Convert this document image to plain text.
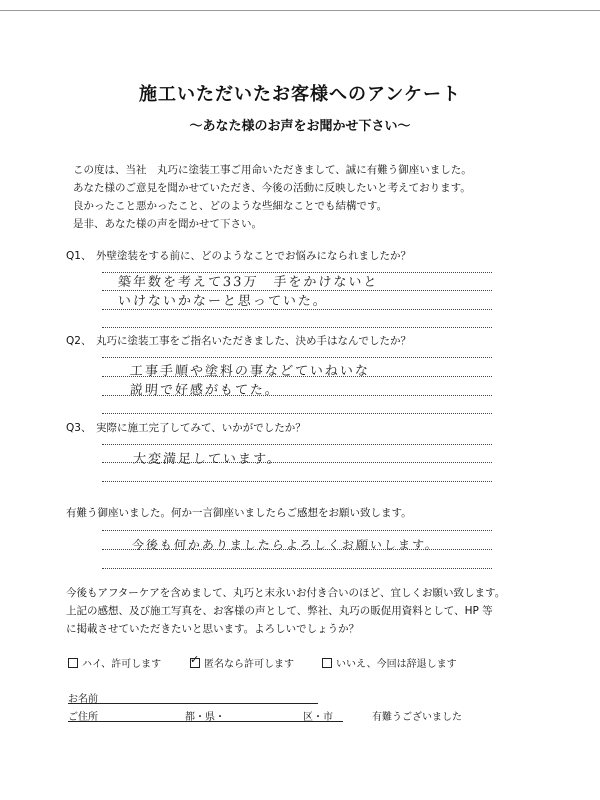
施工いただいたお客様へのアンケート
～あなた様のお声をお聞かせ下さい～
この度は、当社　丸巧に塗装工事ご用命いただきまして、誠に有難う御座いました。
あなた様のご意見を聞かせていただき、今後の活動に反映したいと考えております。
良かったこと悪かったこと、どのような些細なことでも結構です。
是非、あなた様の声を聞かせて下さい。
Q1、 外壁塗装をする前に、どのようなことでお悩みになられましたか？
築年数を考えて33万　手をかけないと
いけないかなーと思っていた。
Q2、 丸巧に塗装工事をご指名いただきました、決め手はなんでしたか？
工事手順や塗料の事などていねいな
説明で好感がもてた。
Q3、 実際に施工完了してみて、いかがでしたか？
大変満足しています。
有難う御座いました。何か一言御座いましたらご感想をお願い致します。
今後も何かありましたらよろしくお願いします。
今後もアフターケアを含めまして、丸巧と末永いお付き合いのほど、宜しくお願い致します。
上記の感想、及び施工写真を、お客様の声として、弊社、丸巧の販促用資料として、HP 等
に掲載させていただきたいと思います。よろしいでしょうか？
ハイ、許可します	✓ 匿名なら許可します	いいえ、今回は辞退します
お名前
ご住所	都・県・	区・市	有難うございました
